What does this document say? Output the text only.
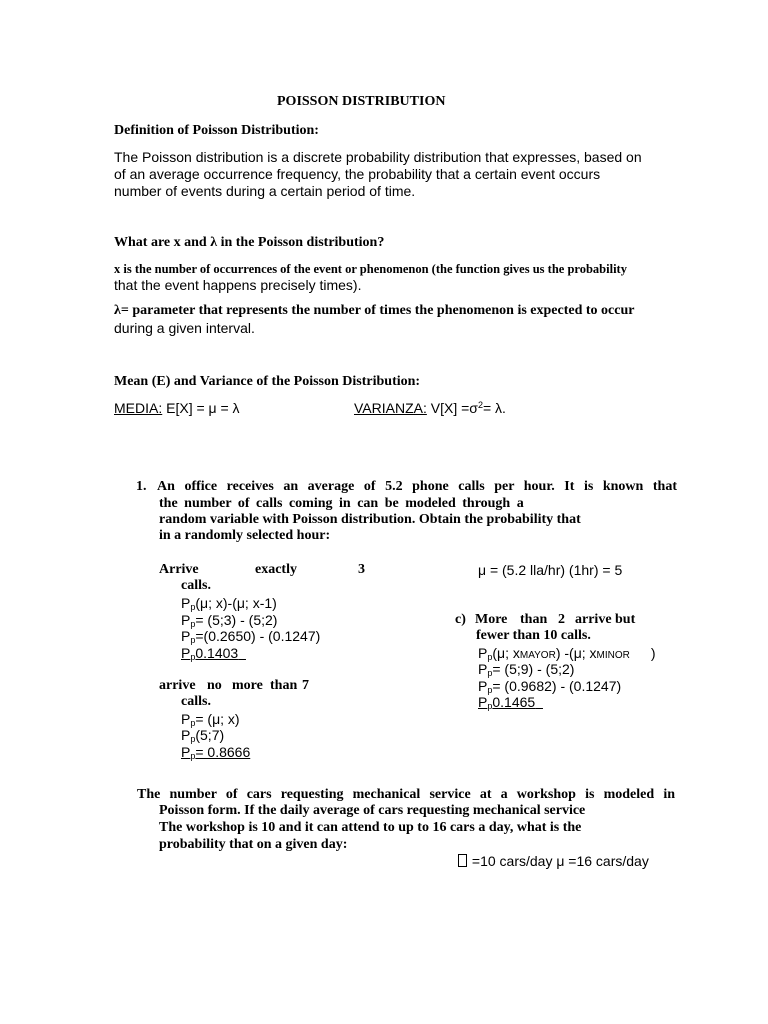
POISSON DISTRIBUTION
Definition of Poisson Distribution:
The Poisson distribution is a discrete probability distribution that expresses, based on
of an average occurrence frequency, the probability that a certain event occurs
number of events during a certain period of time.
What are x and λ in the Poisson distribution?
x is the number of occurrences of the event or phenomenon (the function gives us the probability
that the event happens precisely times).
λ= parameter that represents the number of times the phenomenon is expected to occur
during a given interval.
Mean (E) and Variance of the Poisson Distribution:
MEDIA: E[X] = μ = λ	VARIANZA: $V[X] =\sigma^2= \lambda$.
1. An office receives an average of 5.2 phone calls per hour. It is known that
the number of calls coming in can be modeled through a
random variable with Poisson distribution. Obtain the probability that
in a randomly selected hour:
Arrive	exactly	3
calls.
$P_p(\mu$; x)-(μ; x-1)
$P_p=$ (5;3) - (5;2)
$P_p=(0.2650) - (0.1247)$
$P_p0.1403$
μ = (5.2 lla/hr) (1hr) = 5
arrive no more than 7
calls.
$P_p= (\mu$; x)
$P_p(5;7)$
$P_p= 0.8666$
c) More than 2 arrive but
fewer than 10 calls.
$P_p(\mu$; xMAYOR) -(μ; xMINOR )
$P_p=$ (5;9) - (5;2)
$P_p= (0.9682) - (0.1247)$
$P_p0.1465$
The number of cars requesting mechanical service at a workshop is modeled in
Poisson form. If the daily average of cars requesting mechanical service
The workshop is 10 and it can attend to up to 16 cars a day, what is the
probability that on a given day:
=10 cars/day μ =16 cars/day
